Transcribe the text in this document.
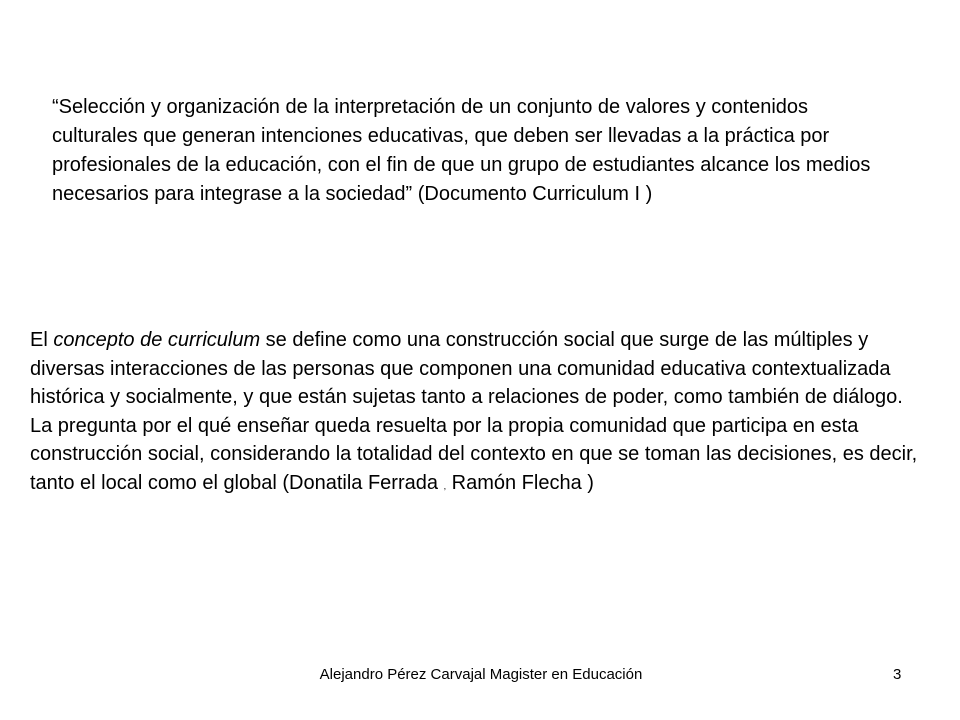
“Selección y organización de la interpretación de un conjunto de valores y contenidos culturales que generan intenciones educativas, que deben ser llevadas a la práctica por profesionales de la educación, con el fin de que un grupo de estudiantes alcance los medios necesarios para integrase a la sociedad” (Documento Curriculum I )

El concepto de curriculum se define como una construcción social que surge de las múltiples y diversas interacciones de las personas que componen una comunidad educativa contextualizada histórica y socialmente, y que están sujetas tanto a relaciones de poder, como también de diálogo. La pregunta por el qué enseñar queda resuelta por la propia comunidad que participa en esta construcción social, considerando la totalidad del contexto en que se toman las decisiones, es decir, tanto el local como el global (Donatila Ferrada , Ramón Flecha )

Alejandro Pérez Carvajal Magister en Educación	3
